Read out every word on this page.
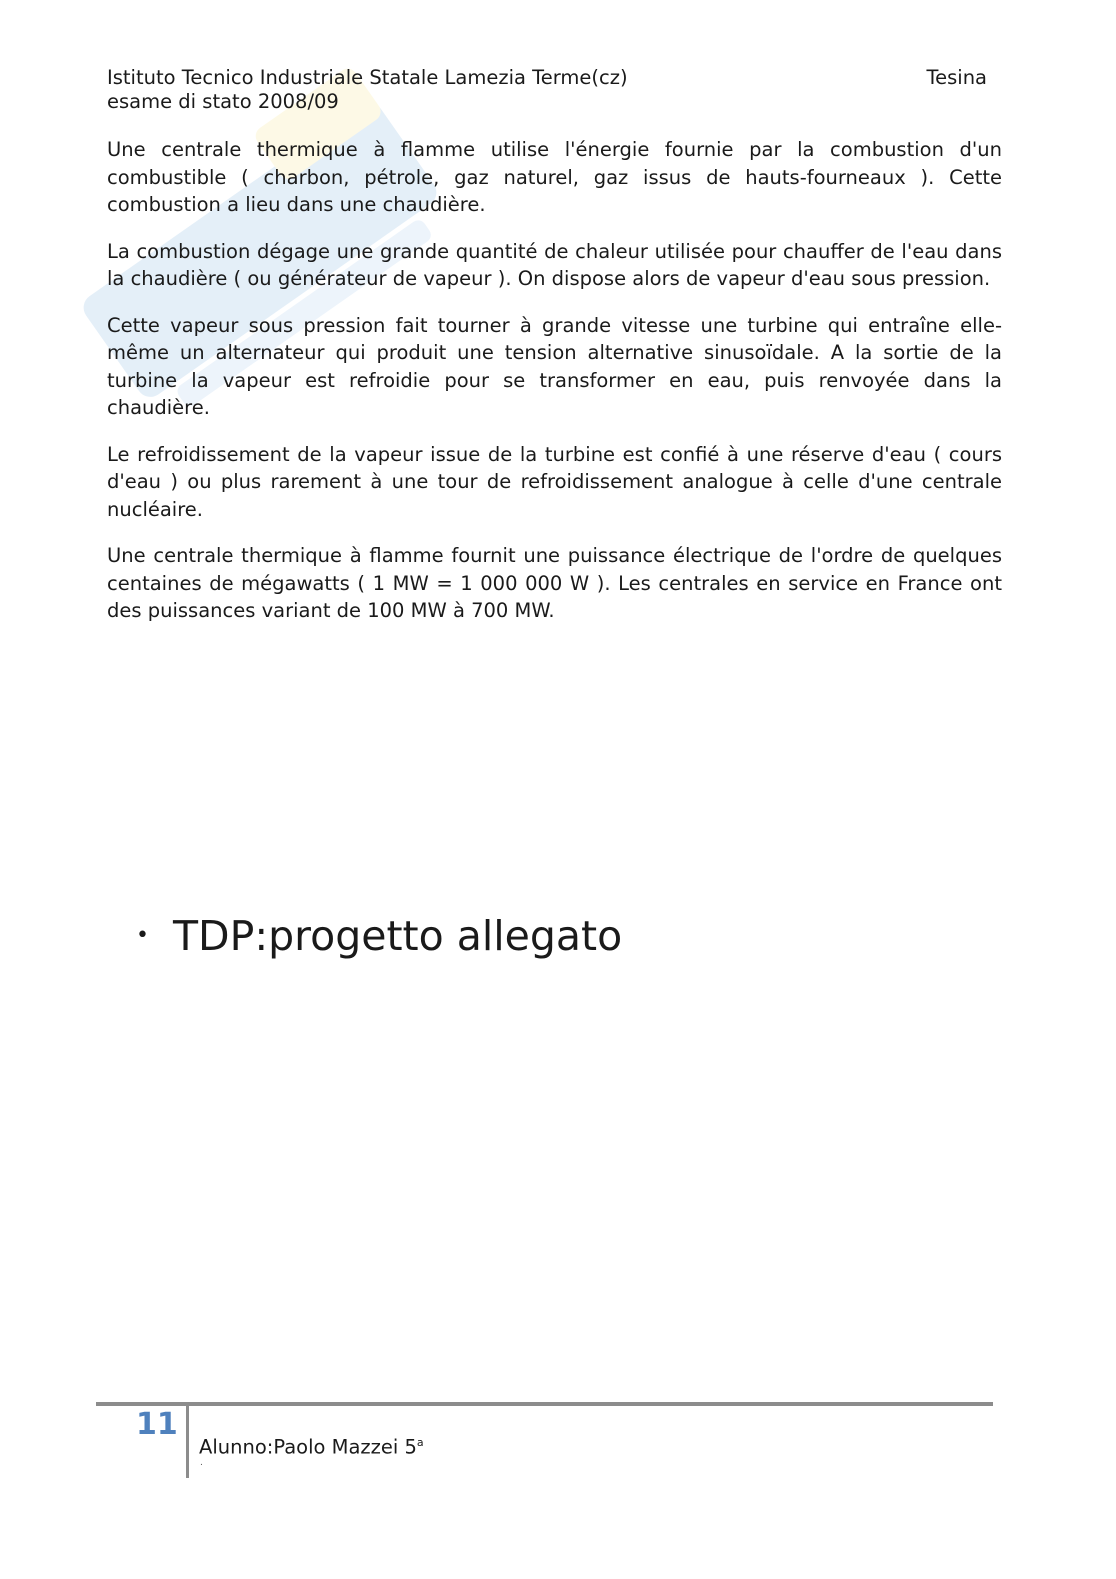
Istituto Tecnico Industriale Statale Lamezia Terme(cz)	Tesina
esame di stato 2008/09

Une centrale thermique à flamme utilise l'énergie fournie par la combustion d'un combustible ( charbon, pétrole, gaz naturel, gaz issus de hauts-fourneaux ). Cette combustion a lieu dans une chaudière.

La combustion dégage une grande quantité de chaleur utilisée pour chauffer de l'eau dans la chaudière ( ou générateur de vapeur ). On dispose alors de vapeur d'eau sous pression.

Cette vapeur sous pression fait tourner à grande vitesse une turbine qui entraîne elle-même un alternateur qui produit une tension alternative sinusoïdale. A la sortie de la turbine la vapeur est refroidie pour se transformer en eau, puis renvoyée dans la chaudière.

Le refroidissement de la vapeur issue de la turbine est confié à une réserve d'eau ( cours d'eau ) ou plus rarement à une tour de refroidissement analogue à celle d'une centrale nucléaire.

Une centrale thermique à flamme fournit une puissance électrique de l'ordre de quelques centaines de mégawatts ( 1 MW = 1 000 000 W ). Les centrales en service en France ont des puissances variant de 100 MW à 700 MW.

• TDP:progetto allegato
11
Alunno:Paolo Mazzei 5$^a$
.
